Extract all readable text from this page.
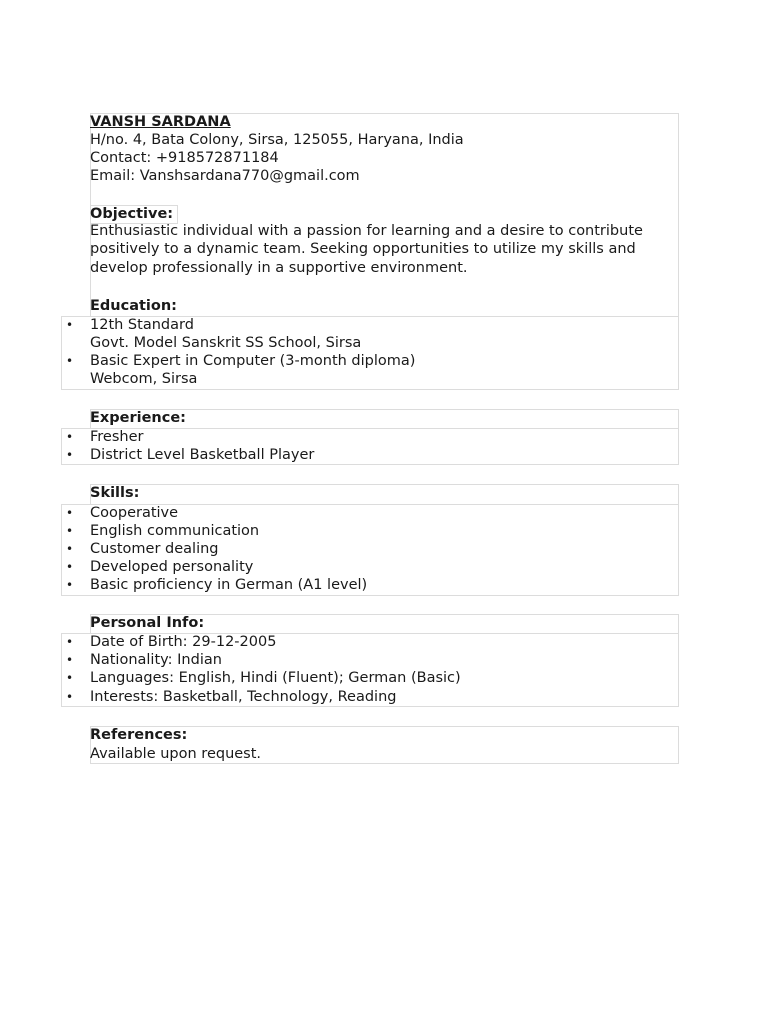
VANSH SARDANA
H/no. 4, Bata Colony, Sirsa, 125055, Haryana, India
Contact: +918572871184
Email: Vanshsardana770@gmail.com
Objective:
Enthusiastic individual with a passion for learning and a desire to contribute positively to a dynamic team. Seeking opportunities to utilize my skills and develop professionally in a supportive environment.
Education:
• 12th Standard
Govt. Model Sanskrit SS School, Sirsa
• Basic Expert in Computer (3-month diploma)
Webcom, Sirsa
Experience:
• Fresher
• District Level Basketball Player
Skills:
• Cooperative
• English communication
• Customer dealing
• Developed personality
• Basic proficiency in German (A1 level)
Personal Info:
• Date of Birth: 29-12-2005
• Nationality: Indian
• Languages: English, Hindi (Fluent); German (Basic)
• Interests: Basketball, Technology, Reading
References:
Available upon request.
